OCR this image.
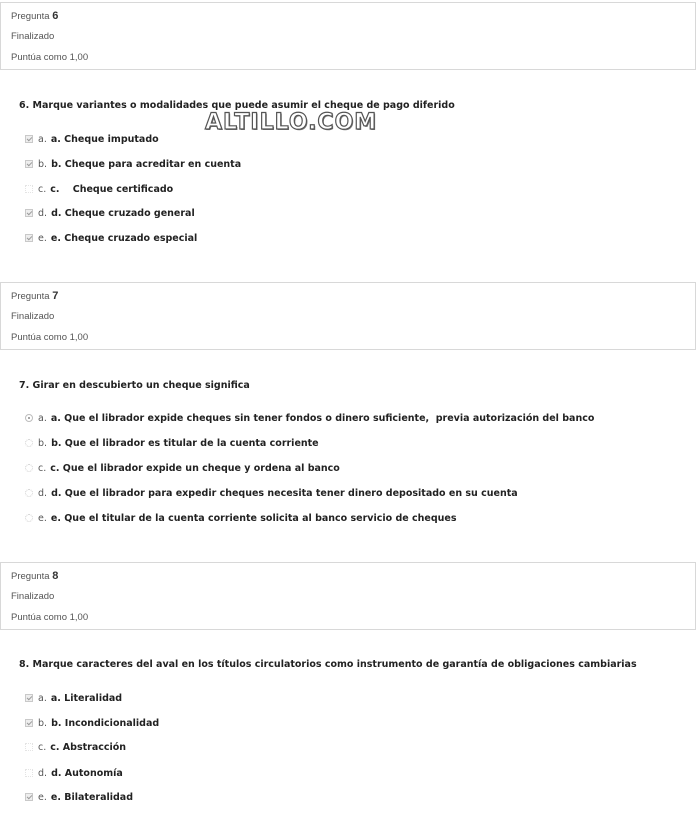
Pregunta 6
Finalizado
Puntúa como 1,00
6. Marque variantes o modalidades que puede asumir el cheque de pago diferido
ALTILLO.COM
a. a. Cheque imputado
b. b. Cheque para acreditar en cuenta
c. c.    Cheque certificado
d. d. Cheque cruzado general
e. e. Cheque cruzado especial
Pregunta 7
Finalizado
Puntúa como 1,00
7. Girar en descubierto un cheque significa
a. a. Que el librador expide cheques sin tener fondos o dinero suficiente,  previa autorización del banco
b. b. Que el librador es titular de la cuenta corriente
c. c. Que el librador expide un cheque y ordena al banco
d. d. Que el librador para expedir cheques necesita tener dinero depositado en su cuenta
e. e. Que el titular de la cuenta corriente solicita al banco servicio de cheques
Pregunta 8
Finalizado
Puntúa como 1,00
8. Marque caracteres del aval en los títulos circulatorios como instrumento de garantía de obligaciones cambiarias
a. a. Literalidad
b. b. Incondicionalidad
c. c. Abstracción
d. d. Autonomía
e. e. Bilateralidad
